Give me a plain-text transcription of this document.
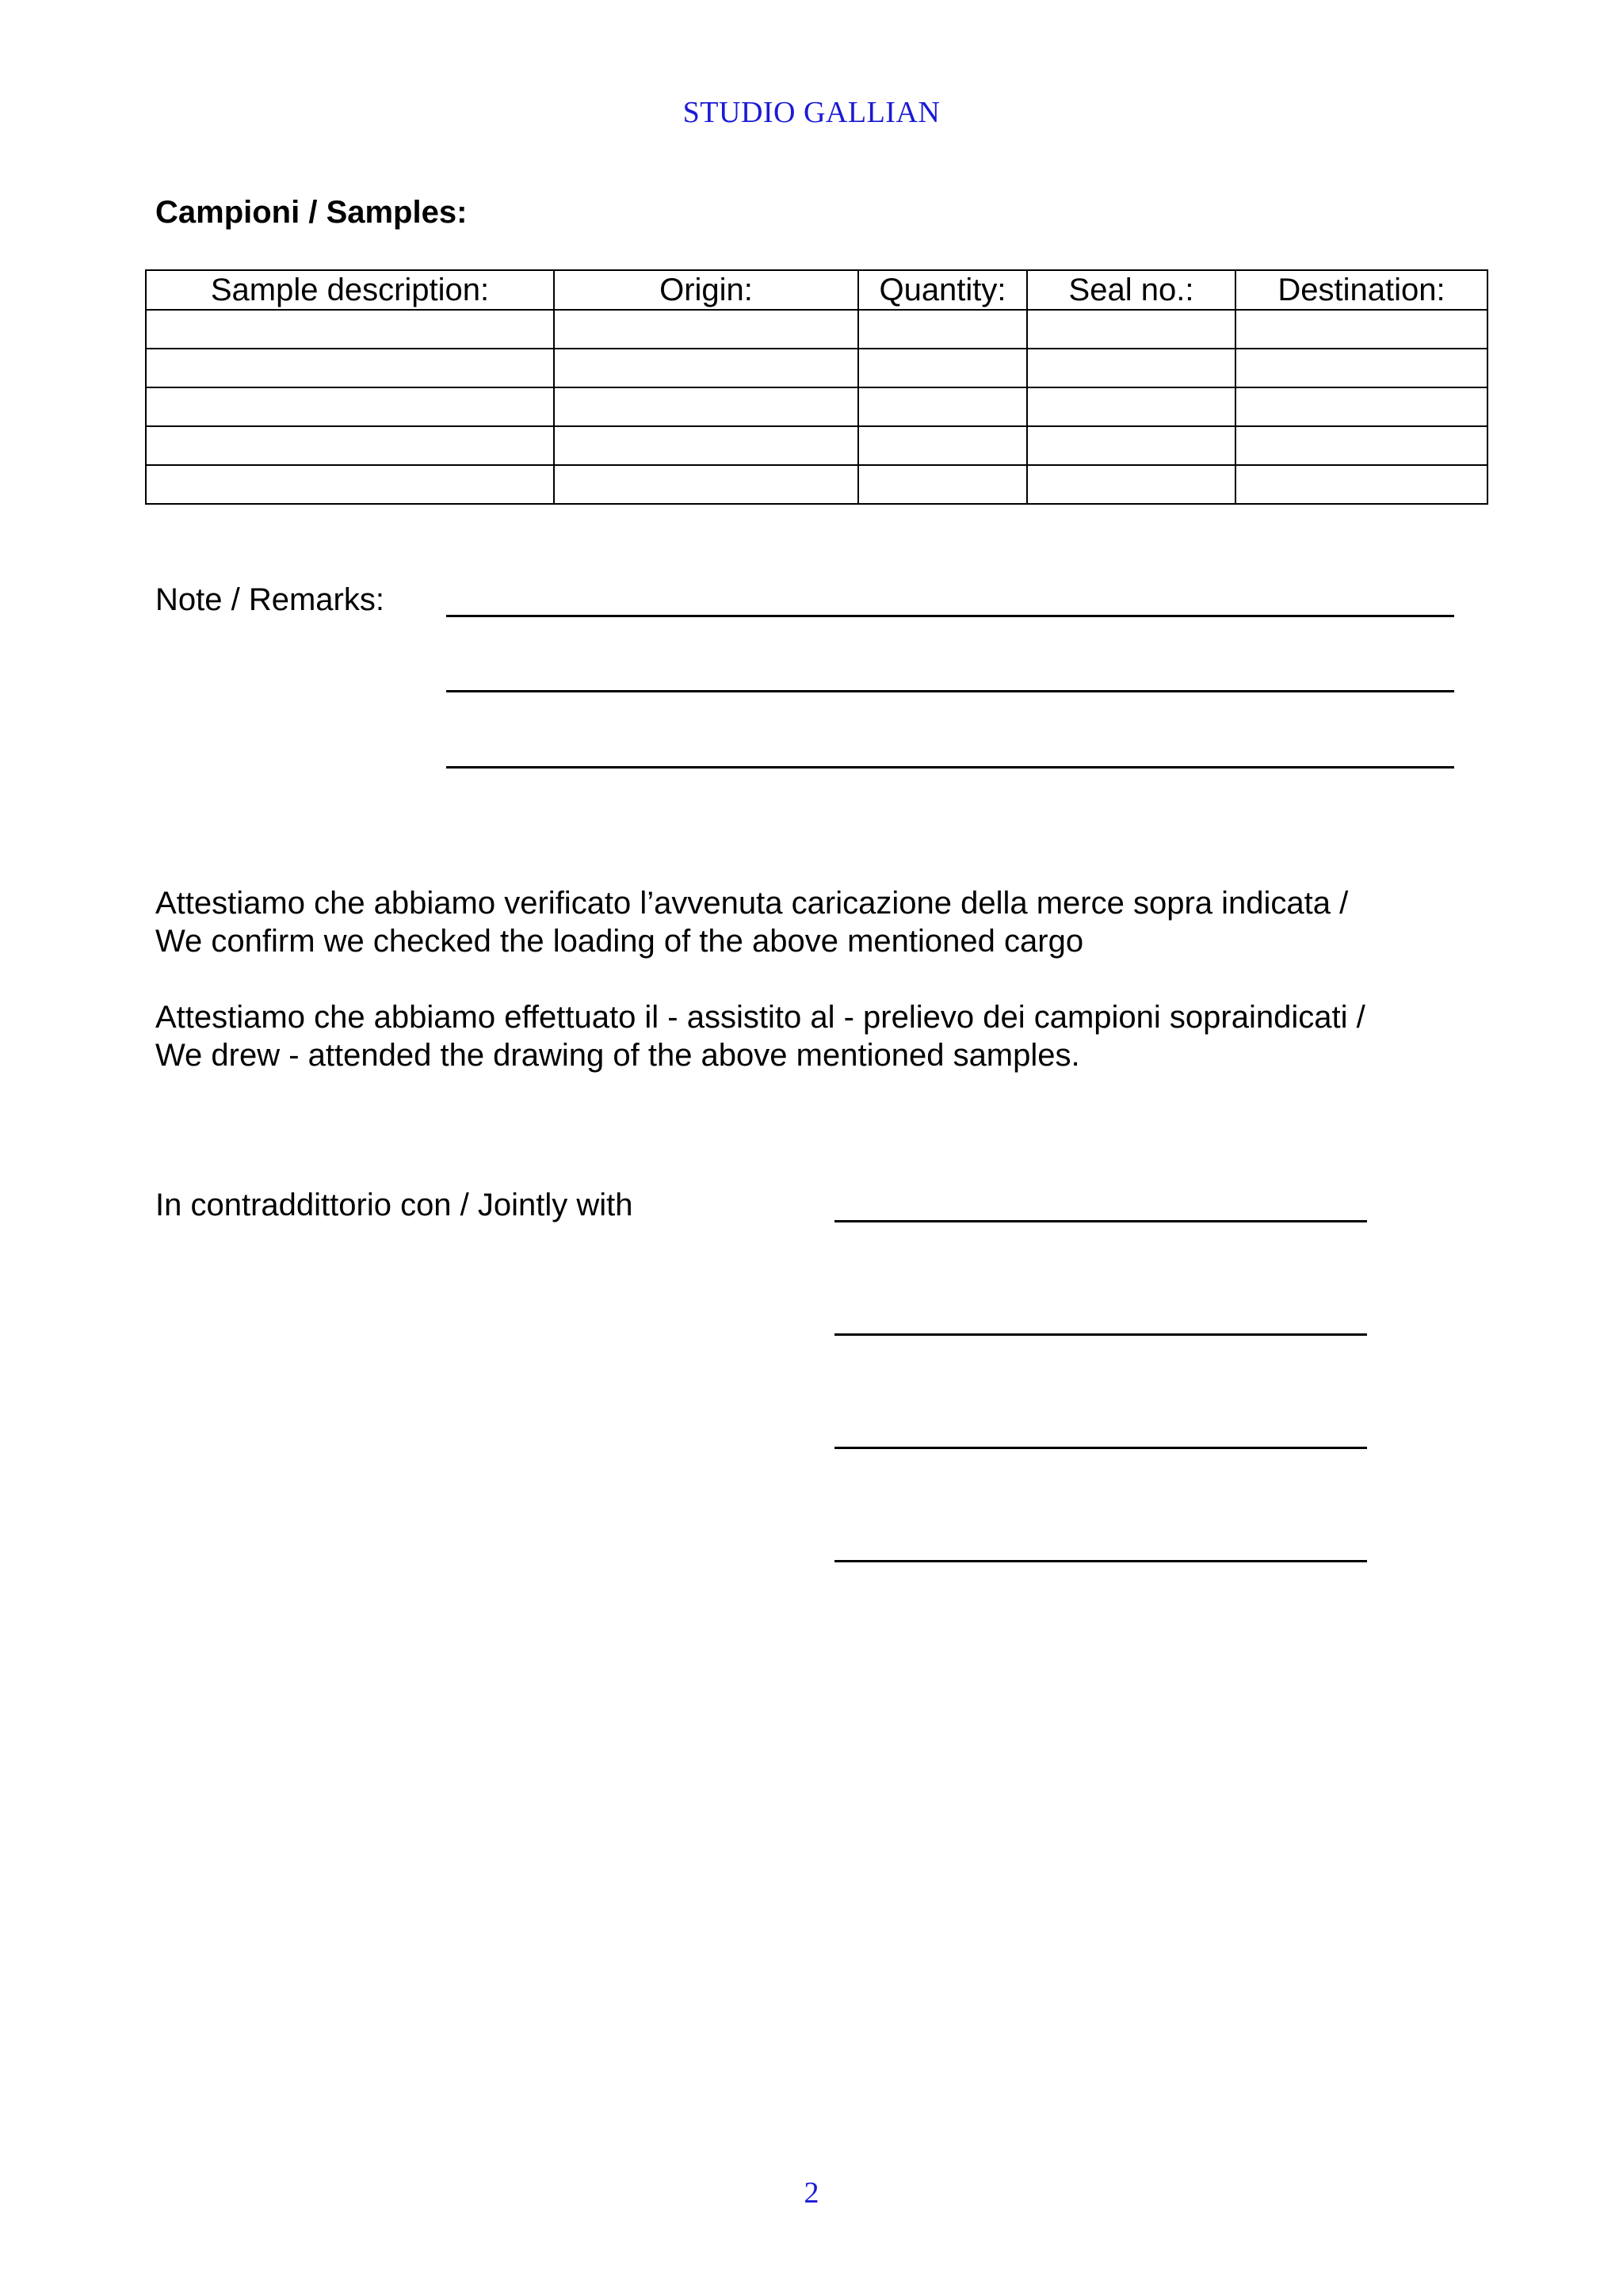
STUDIO GALLIAN
Campioni / Samples:
Sample description:	Origin:	Quantity:	Seal no.:	Destination:

Note / Remarks:
Attestiamo che abbiamo verificato l’avvenuta caricazione della merce sopra indicata /
We confirm we checked the loading of the above mentioned cargo
Attestiamo che abbiamo effettuato il - assistito al - prelievo dei campioni sopraindicati /
We drew - attended the drawing of the above mentioned samples.
In contraddittorio con / Jointly with
2
